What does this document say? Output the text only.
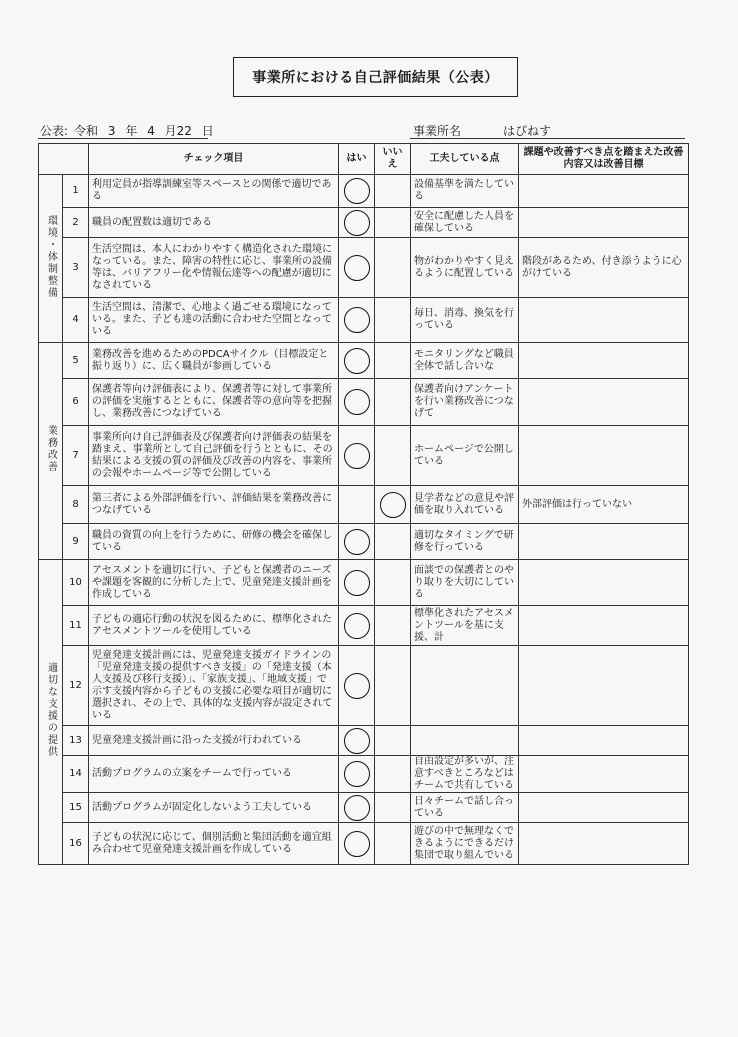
事業所における自己評価結果（公表）
公表: 令和 3 年 4 月22 日	事業所名	はぴねす
		チェック項目	はい	いいえ	工夫している点	課題や改善すべき点を踏まえた改善内容又は改善目標
環境・体制整備	1	利用定員が指導訓練室等スペースとの関係で適切である			設備基準を満たしている	
	2	職員の配置数は適切である			安全に配慮した人員を確保している	
	3	生活空間は、本人にわかりやすく構造化された環境になっている。また、障害の特性に応じ、事業所の設備等は、バリアフリー化や情報伝達等への配慮が適切になされている			物がわかりやすく見え るように配置している	階段があるため、付き添うように心がけている
	4	生活空間は、清潔で、心地よく過ごせる環境になっている。また、子ども達の活動に合わせた空間となっている			毎日、消毒、換気を行っている	
業務改善	5	業務改善を進めるためのPDCAサイクル（目標設定と振り返り）に、広く職員が参画している			モニタリングなど職員全体で話し合いな	
	6	保護者等向け評価表により、保護者等に対して事業所の評価を実施するとともに、保護者等の意向等を把握し、業務改善につなげている			保護者向けアンケートを行い業務改善につなげて	
	7	事業所向け自己評価表及び保護者向け評価表の結果を踏まえ、事業所として自己評価を行うとともに、その結果による支援の質の評価及び改善の内容を、事業所の会報やホームページ等で公開している			ホームページで公開している	
	8	第三者による外部評価を行い、評価結果を業務改善につなげている			見学者などの意見や評価を取り入れている	外部評価は行っていない
	9	職員の資質の向上を行うために、研修の機会を確保している			適切なタイミングで研修を行っている	
適切な支援の提供	10	アセスメントを適切に行い、子どもと保護者のニーズや課題を客観的に分析した上で、児童発達支援計画を作成している			面談での保護者とのやり取りを大切にしている	
	11	子どもの適応行動の状況を図るために、標準化されたアセスメントツールを使用している			標準化されたアセスメントツールを基に支援、計	
	12	児童発達支援計画には、児童発達支援ガイドラインの「児童発達支援の提供すべき支援」の「発達支援（本人支援及び移行支援）」、「家族支援」、「地域支援」で示す支援内容から子どもの支援に必要な項目が適切に選択され、その上で、具体的な支援内容が設定されている				
	13	児童発達支援計画に沿った支援が行われている				
	14	活動プログラムの立案をチームで行っている			自由設定が多いが、注意すべきところなどはチームで共有している	
	15	活動プログラムが固定化しないよう工夫している			日々チームで話し合っている	
	16	子どもの状況に応じて、個別活動と集団活動を適宜組み合わせて児童発達支援計画を作成している			遊びの中で無理なくできるようにできるだけ集団で取り組んでいる	
